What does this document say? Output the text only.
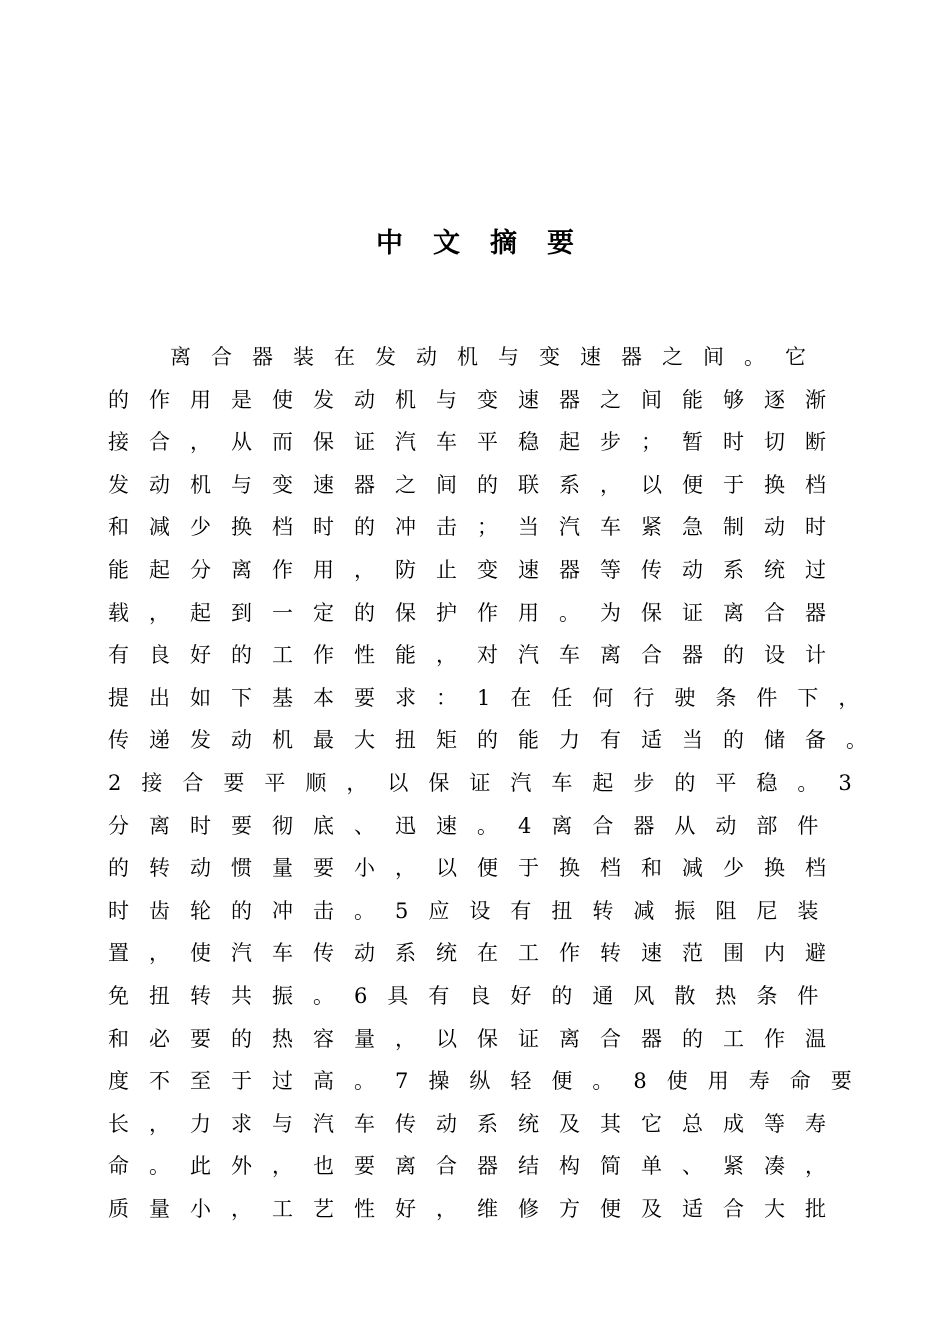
中文摘要
离合器装在发动机与变速器之间。它
的作用是使发动机与变速器之间能够逐渐
接合，从而保证汽车平稳起步；暂时切断
发动机与变速器之间的联系，以便于换档
和减少换档时的冲击；当汽车紧急制动时
能起分离作用，防止变速器等传动系统过
载，起到一定的保护作用。为保证离合器
有良好的工作性能，对汽车离合器的设计
提出如下基本要求：1在任何行驶条件下，
传递发动机最大扭矩的能力有适当的储备。
2接合要平顺，以保证汽车起步的平稳。3
分离时要彻底、迅速。4离合器从动部件
的转动惯量要小，以便于换档和减少换档
时齿轮的冲击。5应设有扭转减振阻尼装
置，使汽车传动系统在工作转速范围内避
免扭转共振。6具有良好的通风散热条件
和必要的热容量，以保证离合器的工作温
度不至于过高。7操纵轻便。8使用寿命要
长，力求与汽车传动系统及其它总成等寿
命。此外，也要离合器结构简单、紧凑，
质量小，工艺性好，维修方便及适合大批
